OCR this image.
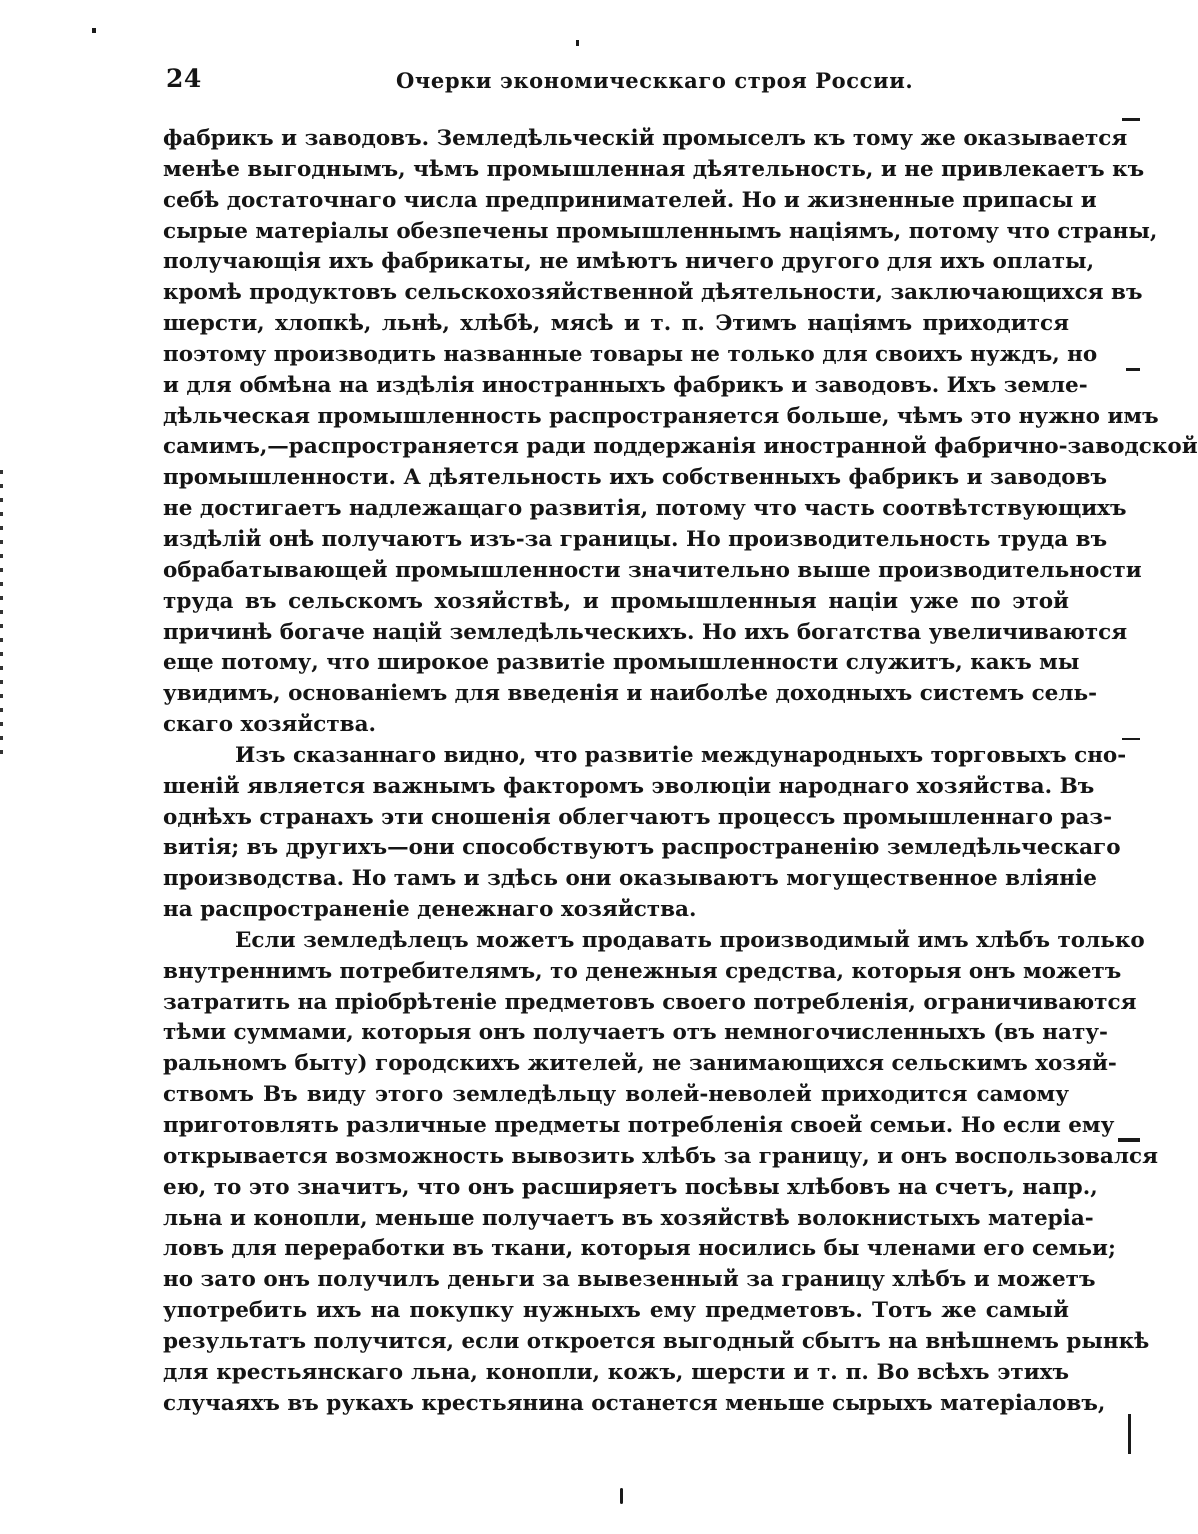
24	Очерки экономическкаго строя России.
фабрикъ и заводовъ. Земледѣльческій промыселъ къ тому же оказывается
менѣе выгоднымъ, чѣмъ промышленная дѣятельность, и не привлекаетъ къ
себѣ достаточнаго числа предпринимателей. Но и жизненные припасы и
сырые матеріалы обезпечены промышленнымъ націямъ, потому что страны,
получающія ихъ фабрикаты, не имѣютъ ничего другого для ихъ оплаты,
кромѣ продуктовъ сельскохозяйственной дѣятельности, заключающихся въ
шерсти, хлопкѣ, льнѣ, хлѣбѣ, мясѣ и т. п. Этимъ націямъ приходится
поэтому производить названные товары не только для своихъ нуждъ, но
и для обмѣна на издѣлія иностранныхъ фабрикъ и заводовъ. Ихъ земле-
дѣльческая промышленность распространяется больше, чѣмъ это нужно имъ
самимъ,—распространяется ради поддержанія иностранной фабрично-заводской
промышленности. А дѣятельность ихъ собственныхъ фабрикъ и заводовъ
не достигаетъ надлежащаго развитія, потому что часть соотвѣтствующихъ
издѣлій онѣ получаютъ изъ-за границы. Но производительность труда въ
обрабатывающей промышленности значительно выше производительности
труда въ сельскомъ хозяйствѣ, и промышленныя націи уже по этой
причинѣ богаче націй земледѣльческихъ. Но ихъ богатства увеличиваются
еще потому, что широкое развитіе промышленности служитъ, какъ мы
увидимъ, основаніемъ для введенія и наиболѣе доходныхъ системъ сель-
скаго хозяйства.
Изъ сказаннаго видно, что развитіе международныхъ торговыхъ сно-
шеній является важнымъ факторомъ эволюціи народнаго хозяйства. Въ
однѣхъ странахъ эти сношенія облегчаютъ процессъ промышленнаго раз-
витія; въ другихъ—они способствуютъ распространенію земледѣльческаго
производства. Но тамъ и здѣсь они оказываютъ могущественное вліяніе
на распространеніе денежнаго хозяйства.
Если земледѣлецъ можетъ продавать производимый имъ хлѣбъ только
внутреннимъ потребителямъ, то денежныя средства, которыя онъ можетъ
затратить на пріобрѣтеніе предметовъ своего потребленія, ограничиваются
тѣми суммами, которыя онъ получаетъ отъ немногочисленныхъ (въ нату-
ральномъ быту) городскихъ жителей, не занимающихся сельскимъ хозяй-
ствомъ Въ виду этого земледѣльцу волей-неволей приходится самому
приготовлять различные предметы потребленія своей семьи. Но если ему
открывается возможность вывозить хлѣбъ за границу, и онъ воспользовался
ею, то это значитъ, что онъ расширяетъ посѣвы хлѣбовъ на счетъ, напр.,
льна и конопли, меньше получаетъ въ хозяйствѣ волокнистыхъ матеріа-
ловъ для переработки въ ткани, которыя носились бы членами его семьи;
но зато онъ получилъ деньги за вывезенный за границу хлѣбъ и можетъ
употребить ихъ на покупку нужныхъ ему предметовъ. Тотъ же самый
результатъ получится, если откроется выгодный сбытъ на внѣшнемъ рынкѣ
для крестьянскаго льна, конопли, кожъ, шерсти и т. п. Во всѣхъ этихъ
случаяхъ въ рукахъ крестьянина останется меньше сырыхъ матеріаловъ,
